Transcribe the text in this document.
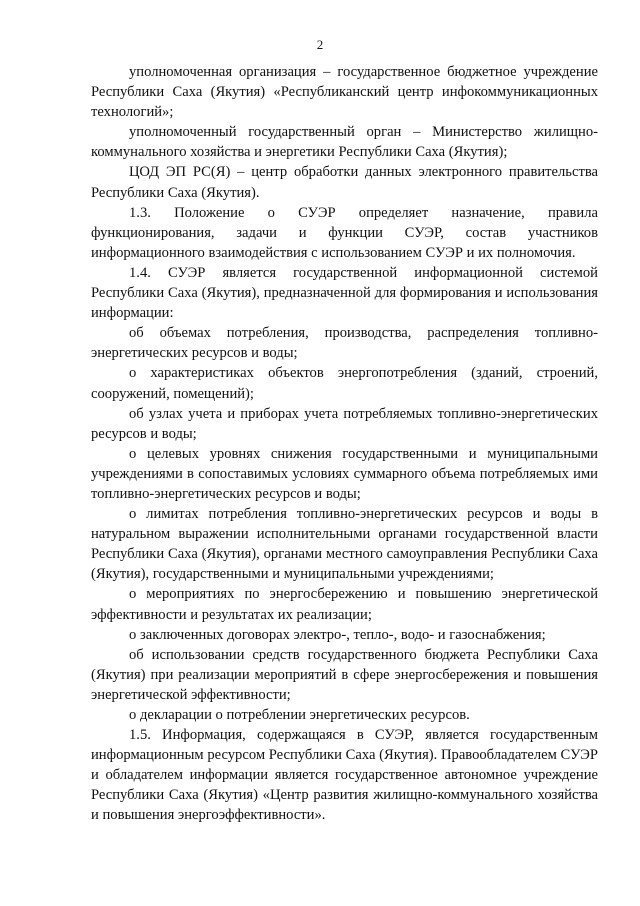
2

уполномоченная организация – государственное бюджетное учреждение Республики Саха (Якутия) «Республиканский центр инфокоммуникационных технологий»;

уполномоченный государственный орган – Министерство жилищно-коммунального хозяйства и энергетики Республики Саха (Якутия);

ЦОД ЭП РС(Я) – центр обработки данных электронного правительства Республики Саха (Якутия).

1.3. Положение о СУЭР определяет назначение, правила функционирования, задачи и функции СУЭР, состав участников информационного взаимодействия с использованием СУЭР и их полномочия.

1.4. СУЭР является государственной информационной системой Республики Саха (Якутия), предназначенной для формирования и использования информации:

об объемах потребления, производства, распределения топливно-энергетических ресурсов и воды;

о характеристиках объектов энергопотребления (зданий, строений, сооружений, помещений);

об узлах учета и приборах учета потребляемых топливно-энергетических ресурсов и воды;

о целевых уровнях снижения государственными и муниципальными учреждениями в сопоставимых условиях суммарного объема потребляемых ими топливно-энергетических ресурсов и воды;

о лимитах потребления топливно-энергетических ресурсов и воды в натуральном выражении исполнительными органами государственной власти Республики Саха (Якутия), органами местного самоуправления Республики Саха (Якутия), государственными и муниципальными учреждениями;

о мероприятиях по энергосбережению и повышению энергетической эффективности и результатах их реализации;

о заключенных договорах электро-, тепло-, водо- и газоснабжения;

об использовании средств государственного бюджета Республики Саха (Якутия) при реализации мероприятий в сфере энергосбережения и повышения энергетической эффективности;

о декларации о потреблении энергетических ресурсов.

1.5. Информация, содержащаяся в СУЭР, является государственным информационным ресурсом Республики Саха (Якутия). Правообладателем СУЭР и обладателем информации является государственное автономное учреждение Республики Саха (Якутия) «Центр развития жилищно-коммунального хозяйства и повышения энергоэффективности».
